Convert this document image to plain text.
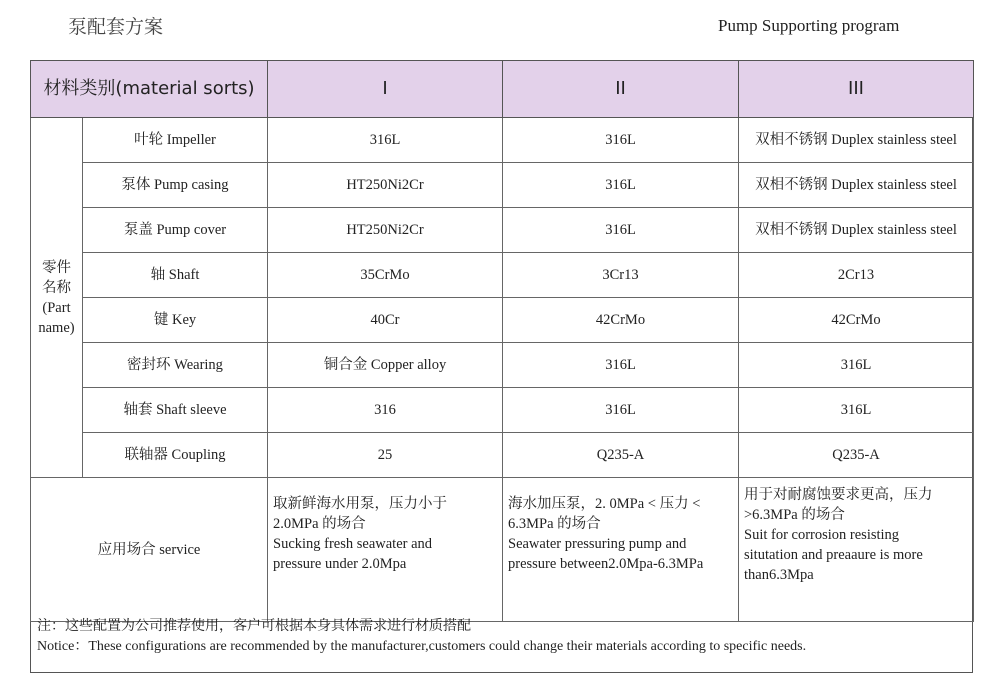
泵配套方案	Pump Supporting program
材料类别(material sorts)		I	II	III

零件
名称
(Part
name)	叶轮 Impeller	316L	316L	双相不锈钢 Duplex stainless steel
	泵体 Pump casing	HT250Ni2Cr	316L	双相不锈钢 Duplex stainless steel
	泵盖 Pump cover	HT250Ni2Cr	316L	双相不锈钢 Duplex stainless steel
	轴 Shaft	35CrMo	3Cr13	2Cr13
	键 Key	40Cr	42CrMo	42CrMo
	密封环 Wearing	铜合金 Copper alloy	316L	316L
	轴套 Shaft sleeve	316	316L	316L
	联轴器 Coupling	25	Q235-A	Q235-A
应用场合 service		取新鲜海水用泵，压力小于
2.0MPa 的场合
Sucking fresh seawater and
pressure under 2.0Mpa	海水加压泵，2. 0MPa < 压力 <
6.3MPa 的场合
Seawater pressuring pump and
pressure between2.0Mpa-6.3MPa	用于对耐腐蚀要求更高，压力
>6.3MPa 的场合
Suit for corrosion resisting
situtation and preaaure is more
than6.3Mpa
注：这些配置为公司推荐使用，客户可根据本身具体需求进行材质搭配
Notice：These configurations are recommended by the manufacturer,customers could change their materials according to specific needs.
